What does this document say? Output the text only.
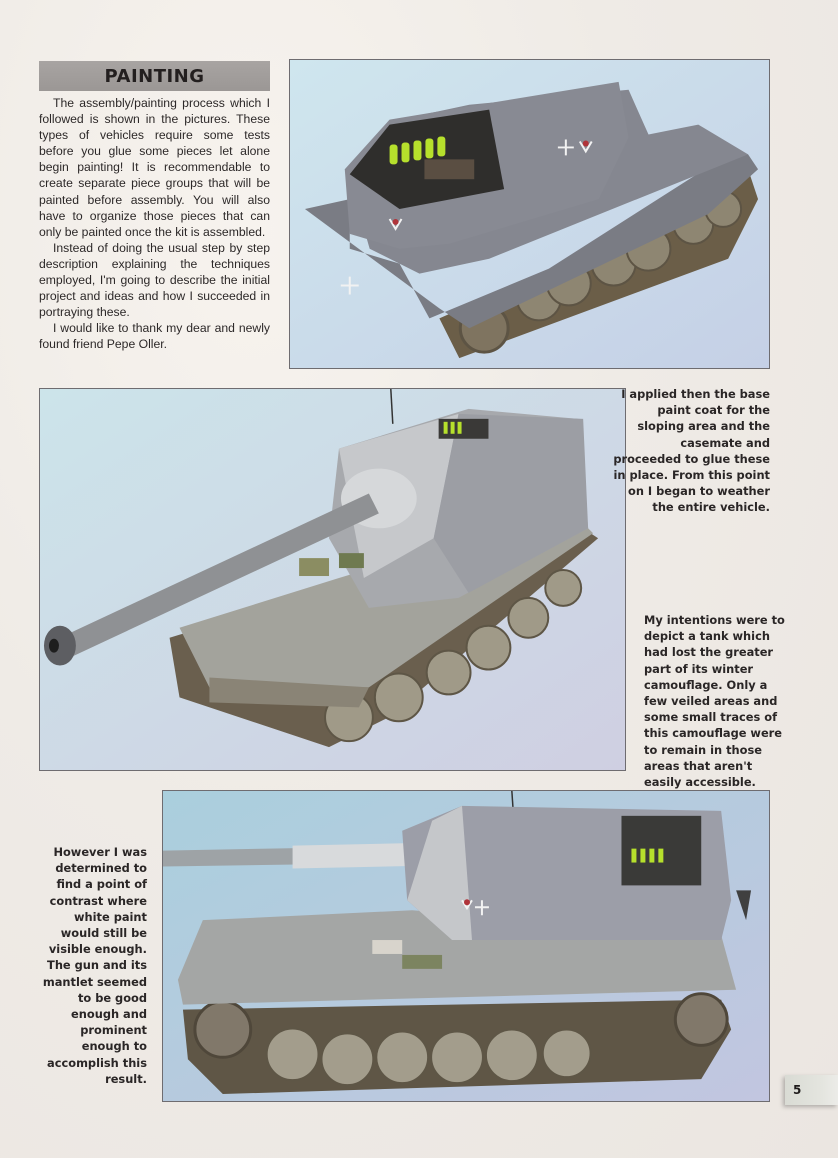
PAINTING

The assembly/painting process which I followed is shown in the pictures. These types of vehicles require some tests before you glue some pieces let alone begin painting! It is recommendable to create separate piece groups that will be painted before assembly. You will also have to organize those pieces that can only be painted once the kit is assembled.

Instead of doing the usual step by step description explaining the techniques employed, I'm going to describe the initial project and ideas and how I succeeded in portraying these.

I would like to thank my dear and newly found friend Pepe Oller.

I applied then the base paint coat for the sloping area and the casemate and proceeded to glue these in place. From this point on I began to weather the entire vehicle.
My intentions were to depict a tank which had lost the greater part of its winter camouflage. Only a few veiled areas and some small traces of this camouflage were to remain in those areas that aren't easily accessible.
However I was determined to find a point of contrast where white paint would still be visible enough. The gun and its mantlet seemed to be good enough and prominent enough to accomplish this result.
5
